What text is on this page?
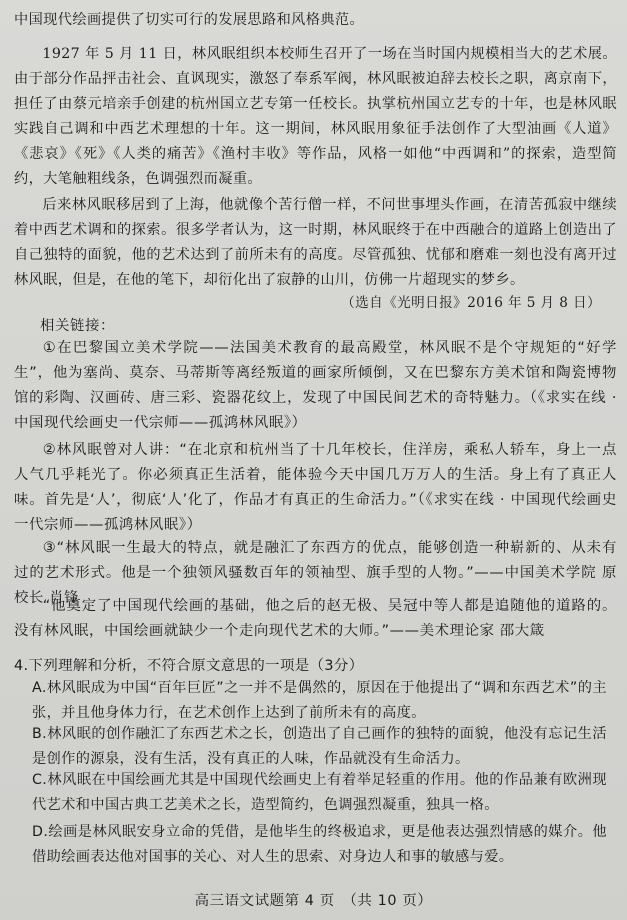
中国现代绘画提供了切实可行的发展思路和风格典范。

1927 年 5 月 11 日，林风眠组织本校师生召开了一场在当时国内规模相当大的艺术展。由于部分作品抨击社会、直讽现实，激怒了奉系军阀，林风眠被迫辞去校长之职，离京南下，担任了由蔡元培亲手创建的杭州国立艺专第一任校长。执掌杭州国立艺专的十年，也是林风眠实践自己调和中西艺术理想的十年。这一期间，林风眠用象征手法创作了大型油画《人道》《悲哀》《死》《人类的痛苦》《渔村丰收》等作品，风格一如他“中西调和”的探索，造型简约，大笔触粗线条，色调强烈而凝重。

后来林风眠移居到了上海，他就像个苦行僧一样，不问世事埋头作画，在清苦孤寂中继续着中西艺术调和的探索。很多学者认为，这一时期，林风眠终于在中西融合的道路上创造出了自己独特的面貌，他的艺术达到了前所未有的高度。尽管孤独、忧郁和磨难一刻也没有离开过林风眠，但是，在他的笔下，却衍化出了寂静的山川，仿佛一片超现实的梦乡。

（选自《光明日报》2016 年 5 月 8 日）
相关链接：

①在巴黎国立美术学院——法国美术教育的最高殿堂，林风眠不是个守规矩的“好学生”，他为塞尚、莫奈、马蒂斯等离经叛道的画家所倾倒，又在巴黎东方美术馆和陶瓷博物馆的彩陶、汉画砖、唐三彩、瓷器花纹上，发现了中国民间艺术的奇特魅力。（《求实在线 · 中国现代绘画史一代宗师——孤鸿林风眠》）

②林风眠曾对人讲：“在北京和杭州当了十几年校长，住洋房，乘私人轿车，身上一点人气几乎耗光了。你必须真正生活着，能体验今天中国几万万人的生活。身上有了真正人味。首先是‘人’，彻底‘人’化了，作品才有真正的生命活力。”（《求实在线 · 中国现代绘画史一代宗师——孤鸿林风眠》）

③“林风眠一生最大的特点，就是融汇了东西方的优点，能够创造一种崭新的、从未有过的艺术形式。他是一个独领风骚数百年的领袖型、旗手型的人物。”——中国美术学院 原校长 肖锋

“他奠定了中国现代绘画的基础，他之后的赵无极、吴冠中等人都是追随他的道路的。没有林风眠，中国绘画就缺少一个走向现代艺术的大师。”——美术理论家 邵大箴

4.下列理解和分析，不符合原文意思的一项是（3分）

A.林风眠成为中国“百年巨匠”之一并不是偶然的，原因在于他提出了“调和东西艺术”的主张，并且他身体力行，在艺术创作上达到了前所未有的高度。

B.林风眠的创作融汇了东西艺术之长，创造出了自己画作的独特的面貌，他没有忘记生活是创作的源泉，没有生活，没有真正的人味，作品就没有生命活力。

C.林风眠在中国绘画尤其是中国现代绘画史上有着举足轻重的作用。他的作品兼有欧洲现代艺术和中国古典工艺美术之长，造型简约，色调强烈凝重，独具一格。

D.绘画是林风眠安身立命的凭借，是他毕生的终极追求，更是他表达强烈情感的媒介。他借助绘画表达他对国事的关心、对人生的思索、对身边人和事的敏感与爱。

高三语文试题第 4 页　（共 10 页）
